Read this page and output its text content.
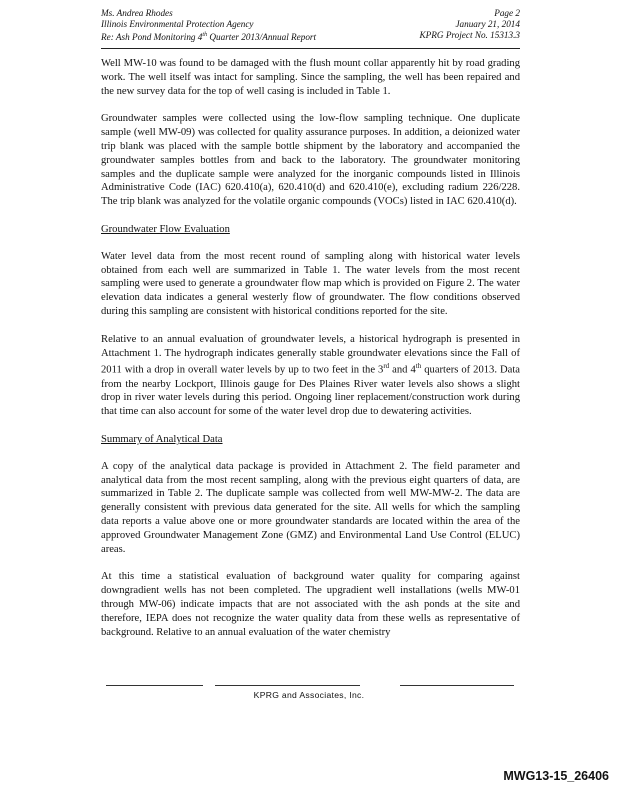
Ms. Andrea Rhodes
Illinois Environmental Protection Agency
Re: Ash Pond Monitoring 4th Quarter 2013/Annual Report
Page 2
January 21, 2014
KPRG Project No. 15313.3

Well MW-10 was found to be damaged with the flush mount collar apparently hit by road grading work. The well itself was intact for sampling. Since the sampling, the well has been repaired and the new survey data for the top of well casing is included in Table 1.

Groundwater samples were collected using the low-flow sampling technique. One duplicate sample (well MW-09) was collected for quality assurance purposes. In addition, a deionized water trip blank was placed with the sample bottle shipment by the laboratory and accompanied the groundwater samples bottles from and back to the laboratory. The groundwater monitoring samples and the duplicate sample were analyzed for the inorganic compounds listed in Illinois Administrative Code (IAC) 620.410(a), 620.410(d) and 620.410(e), excluding radium 226/228. The trip blank was analyzed for the volatile organic compounds (VOCs) listed in IAC 620.410(d).

Groundwater Flow Evaluation

Water level data from the most recent round of sampling along with historical water levels obtained from each well are summarized in Table 1. The water levels from the most recent sampling were used to generate a groundwater flow map which is provided on Figure 2. The water elevation data indicates a general westerly flow of groundwater. The flow conditions observed during this sampling are consistent with historical conditions reported for the site.

Relative to an annual evaluation of groundwater levels, a historical hydrograph is presented in Attachment 1. The hydrograph indicates generally stable groundwater elevations since the Fall of 2011 with a drop in overall water levels by up to two feet in the 3rd and 4th quarters of 2013. Data from the nearby Lockport, Illinois gauge for Des Plaines River water levels also shows a slight drop in river water levels during this period. Ongoing liner replacement/construction work during that time can also account for some of the water level drop due to dewatering activities.

Summary of Analytical Data

A copy of the analytical data package is provided in Attachment 2. The field parameter and analytical data from the most recent sampling, along with the previous eight quarters of data, are summarized in Table 2. The duplicate sample was collected from well MW-MW-2. The data are generally consistent with previous data generated for the site. All wells for which the sampling data reports a value above one or more groundwater standards are located within the area of the approved Groundwater Management Zone (GMZ) and Environmental Land Use Control (ELUC) areas.

At this time a statistical evaluation of background water quality for comparing against downgradient wells has not been completed. The upgradient well installations (wells MW-01 through MW-06) indicate impacts that are not associated with the ash ponds at the site and therefore, IEPA does not recognize the water quality data from these wells as representative of background. Relative to an annual evaluation of the water chemistry

KPRG and Associates, Inc.
MWG13-15_26406
